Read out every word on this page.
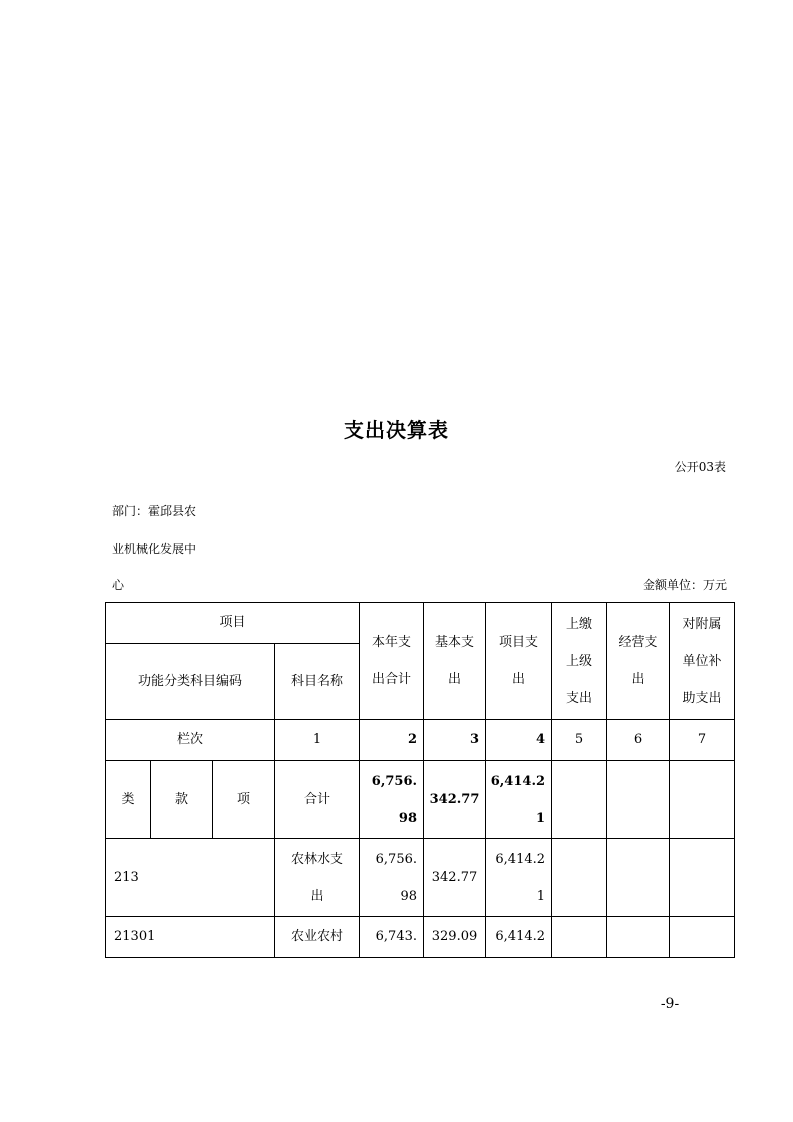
支出决算表
公开03表
部门：霍邱县农
业机械化发展中
心	金额单位：万元
项目				本年支出合计	基本支出	项目支出	上缴上级支出	经营支出	对附属单位补助支出
功能分类科目编码			科目名称						
栏次			1	2	3	4	5	6	7
类	款	项	合计	6,756.98	342.77	6,414.21			
213			农林水支出	6,756.98	342.77	6,414.21			
21301			农业农村	6,743.	329.09	6,414.2			
-9-
